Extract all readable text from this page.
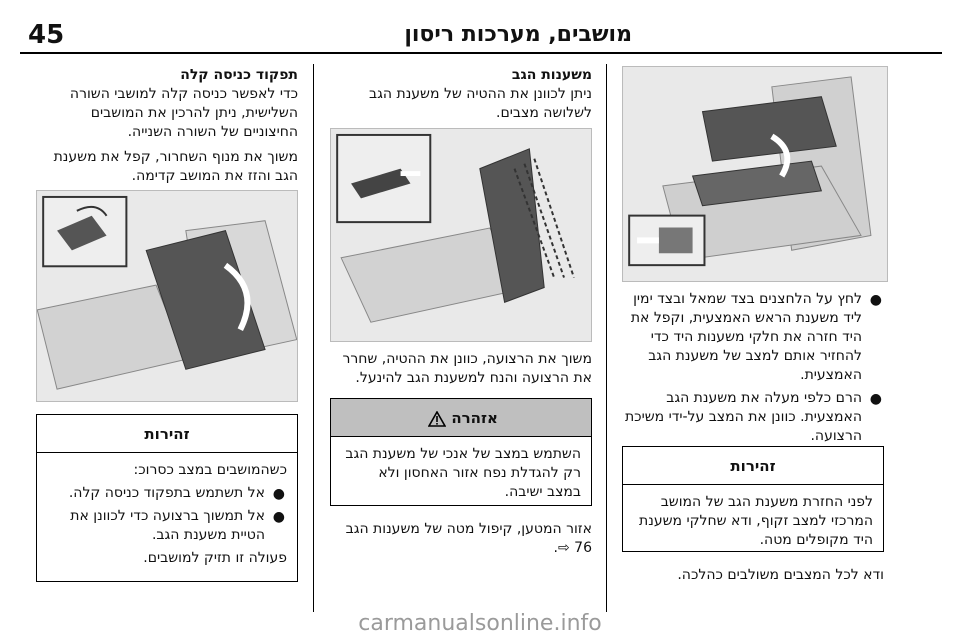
מושבים, מערכות ריסון
45
●
לחץ על הלחצנים בצד שמאל ובצד ימין ליד משענת הראש האמצעית, וקפל את היד חזרה את חלקי משענות היד כדי להחזיר אותם למצב של משענת הגב האמצעית.
●
הרם כלפי מעלה את משענת הגב האמצעית. כוונן את המצב על-ידי משיכת הרצועה.
זהירות
לפני החזרת משענת הגב של המושב המרכזי למצב זקוף, ודא שחלקי משענת היד מקופלים מטה.
ודא לכל המצבים משולבים כהלכה.
משענות הגב
ניתן לכוונן את ההטיה של משענת הגב לשלושה מצבים.
משוך את הרצועה, כוונן את ההטיה, שחרר את הרצועה והנח למשענת הגב להינעל.
אזהרה
השתמש במצב של אנכי של משענת הגב רק להגדלת נפח אזור האחסון ולא במצב ישיבה.
אזור המטען, קיפול מטה של משענות הגב
76 ⇨.
תפקוד כניסה קלה
כדי לאפשר כניסה קלה למושבי השורה השלישית, ניתן להרכין את המושבים החיצוניים של השורה השנייה.
משוך את מנוף השחרור, קפל את משענת הגב והזז את המושב קדימה.
זהירות
כשהמושבים במצב כסרוכ:
●
אל תשתמש בתפקוד כניסה קלה.
●
אל תמשוך ברצועה כדי לכוונן את הטיית משענת הגב.
פעולה זו תזיק למושבים.
carmanualsonline.info
